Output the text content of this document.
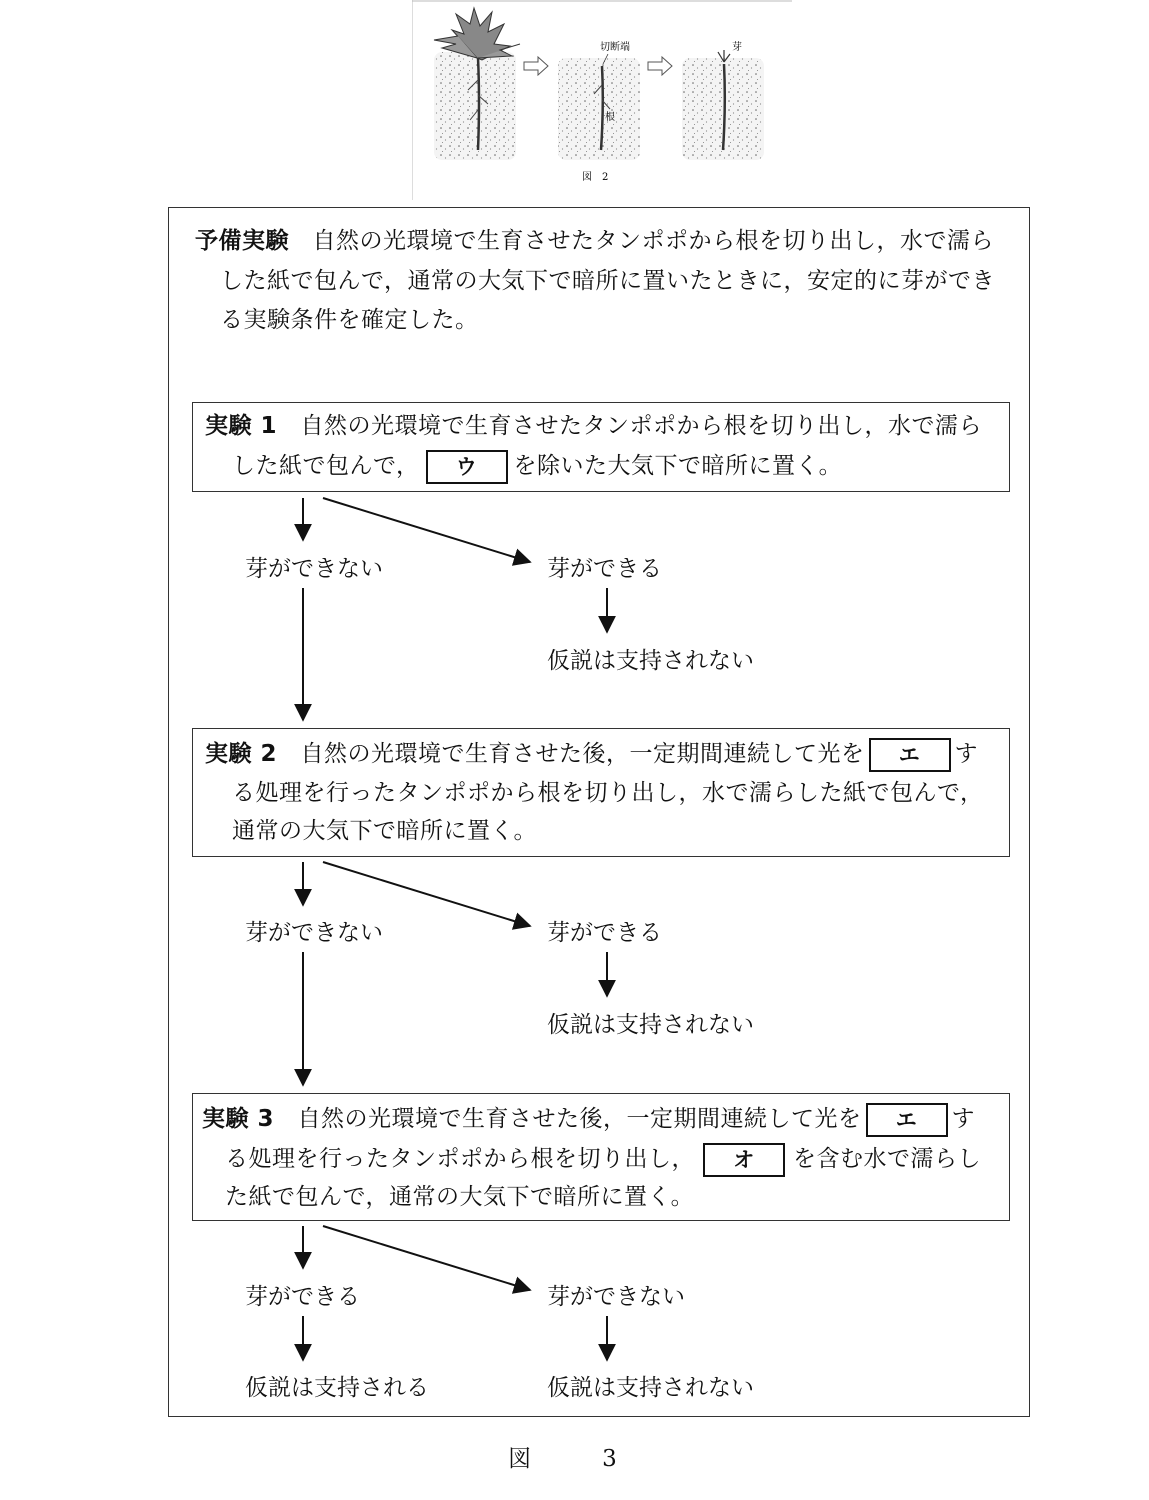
切断端
根
芽
図　2
予備実験　 自然の光環境で生育させたタンポポから根を切り出し，水で濡ら
した紙で包んで，通常の大気下で暗所に置いたときに，安定的に芽ができ
る実験条件を確定した。
実験 1　 自然の光環境で生育させたタンポポから根を切り出し，水で濡ら
した紙で包んで， ウ を除いた大気下で暗所に置く。
芽ができない	芽ができる
仮説は支持されない
実験 2　 自然の光環境で生育させた後，一定期間連続して光を エ す
る処理を行ったタンポポから根を切り出し，水で濡らした紙で包んで，
通常の大気下で暗所に置く。
芽ができない	芽ができる
仮説は支持されない
実験 3　 自然の光環境で生育させた後，一定期間連続して光を エ す
る処理を行ったタンポポから根を切り出し， オ を含む水で濡らし
た紙で包んで，通常の大気下で暗所に置く。
芽ができる	芽ができない
仮説は支持される	仮説は支持されない
図　3
